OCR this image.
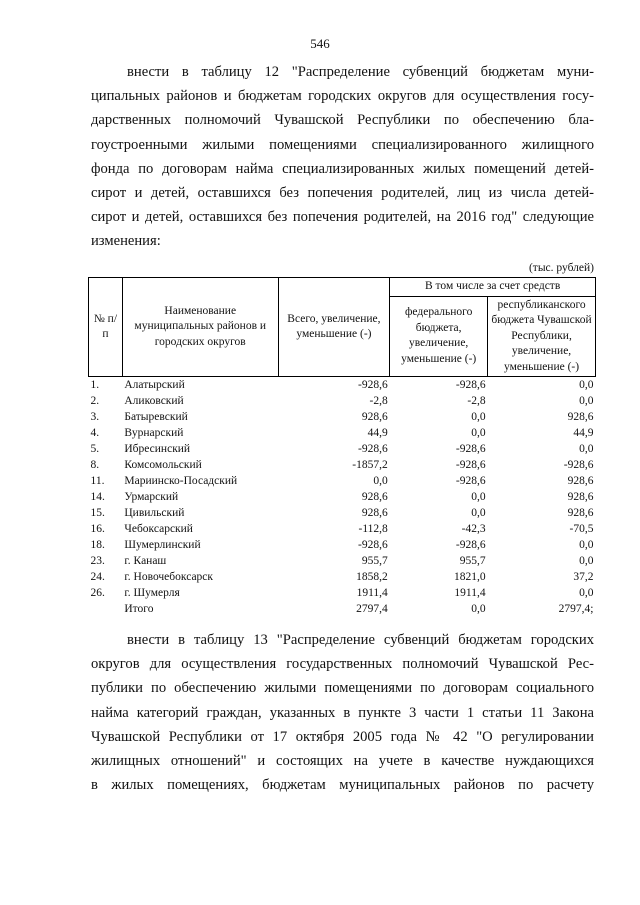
546

внести в таблицу 12 "Распределение субвенций бюджетам муни-
ципальных районов и бюджетам городских округов для осуществления госу-
дарственных полномочий Чувашской Республики по обеспечению бла-
гоустроенными жилыми помещениями специализированного жилищного
фонда по договорам найма специализированных жилых помещений детей-
сирот и детей, оставшихся без попечения родителей, лиц из числа детей-
сирот и детей, оставшихся без попечения родителей, на 2016 год" следующие
изменения:

(тыс. рублей)
№ п/п	Наименование муниципальных районов и городских округов	Всего, увеличение, уменьшение (-)	В том числе за счет средств	
			федерального бюджета, увеличение, уменьшение (-)	республиканского бюджета Чувашской Республики, увеличение, уменьшение (-)
1.	Алатырский	-928,6	-928,6	0,0
2.	Аликовский	-2,8	-2,8	0,0
3.	Батыревский	928,6	0,0	928,6
4.	Вурнарский	44,9	0,0	44,9
5.	Ибресинский	-928,6	-928,6	0,0
8.	Комсомольский	-1857,2	-928,6	-928,6
11.	Мариинско-Посадский	0,0	-928,6	928,6
14.	Урмарский	928,6	0,0	928,6
15.	Цивильский	928,6	0,0	928,6
16.	Чебоксарский	-112,8	-42,3	-70,5
18.	Шумерлинский	-928,6	-928,6	0,0
23.	г. Канаш	955,7	955,7	0,0
24.	г. Новочебоксарск	1858,2	1821,0	37,2
26.	г. Шумерля	1911,4	1911,4	0,0
	Итого	2797,4	0,0	2797,4;

внести в таблицу 13 "Распределение субвенций бюджетам городских
округов для осуществления государственных полномочий Чувашской Рес-
публики по обеспечению жилыми помещениями по договорам социального
найма категорий граждан, указанных в пункте 3 части 1 статьи 11 Закона
Чувашской Республики от 17 октября 2005 года № 42 "О регулировании
жилищных отношений" и состоящих на учете в качестве нуждающихся
в жилых помещениях, бюджетам муниципальных районов по расчету
